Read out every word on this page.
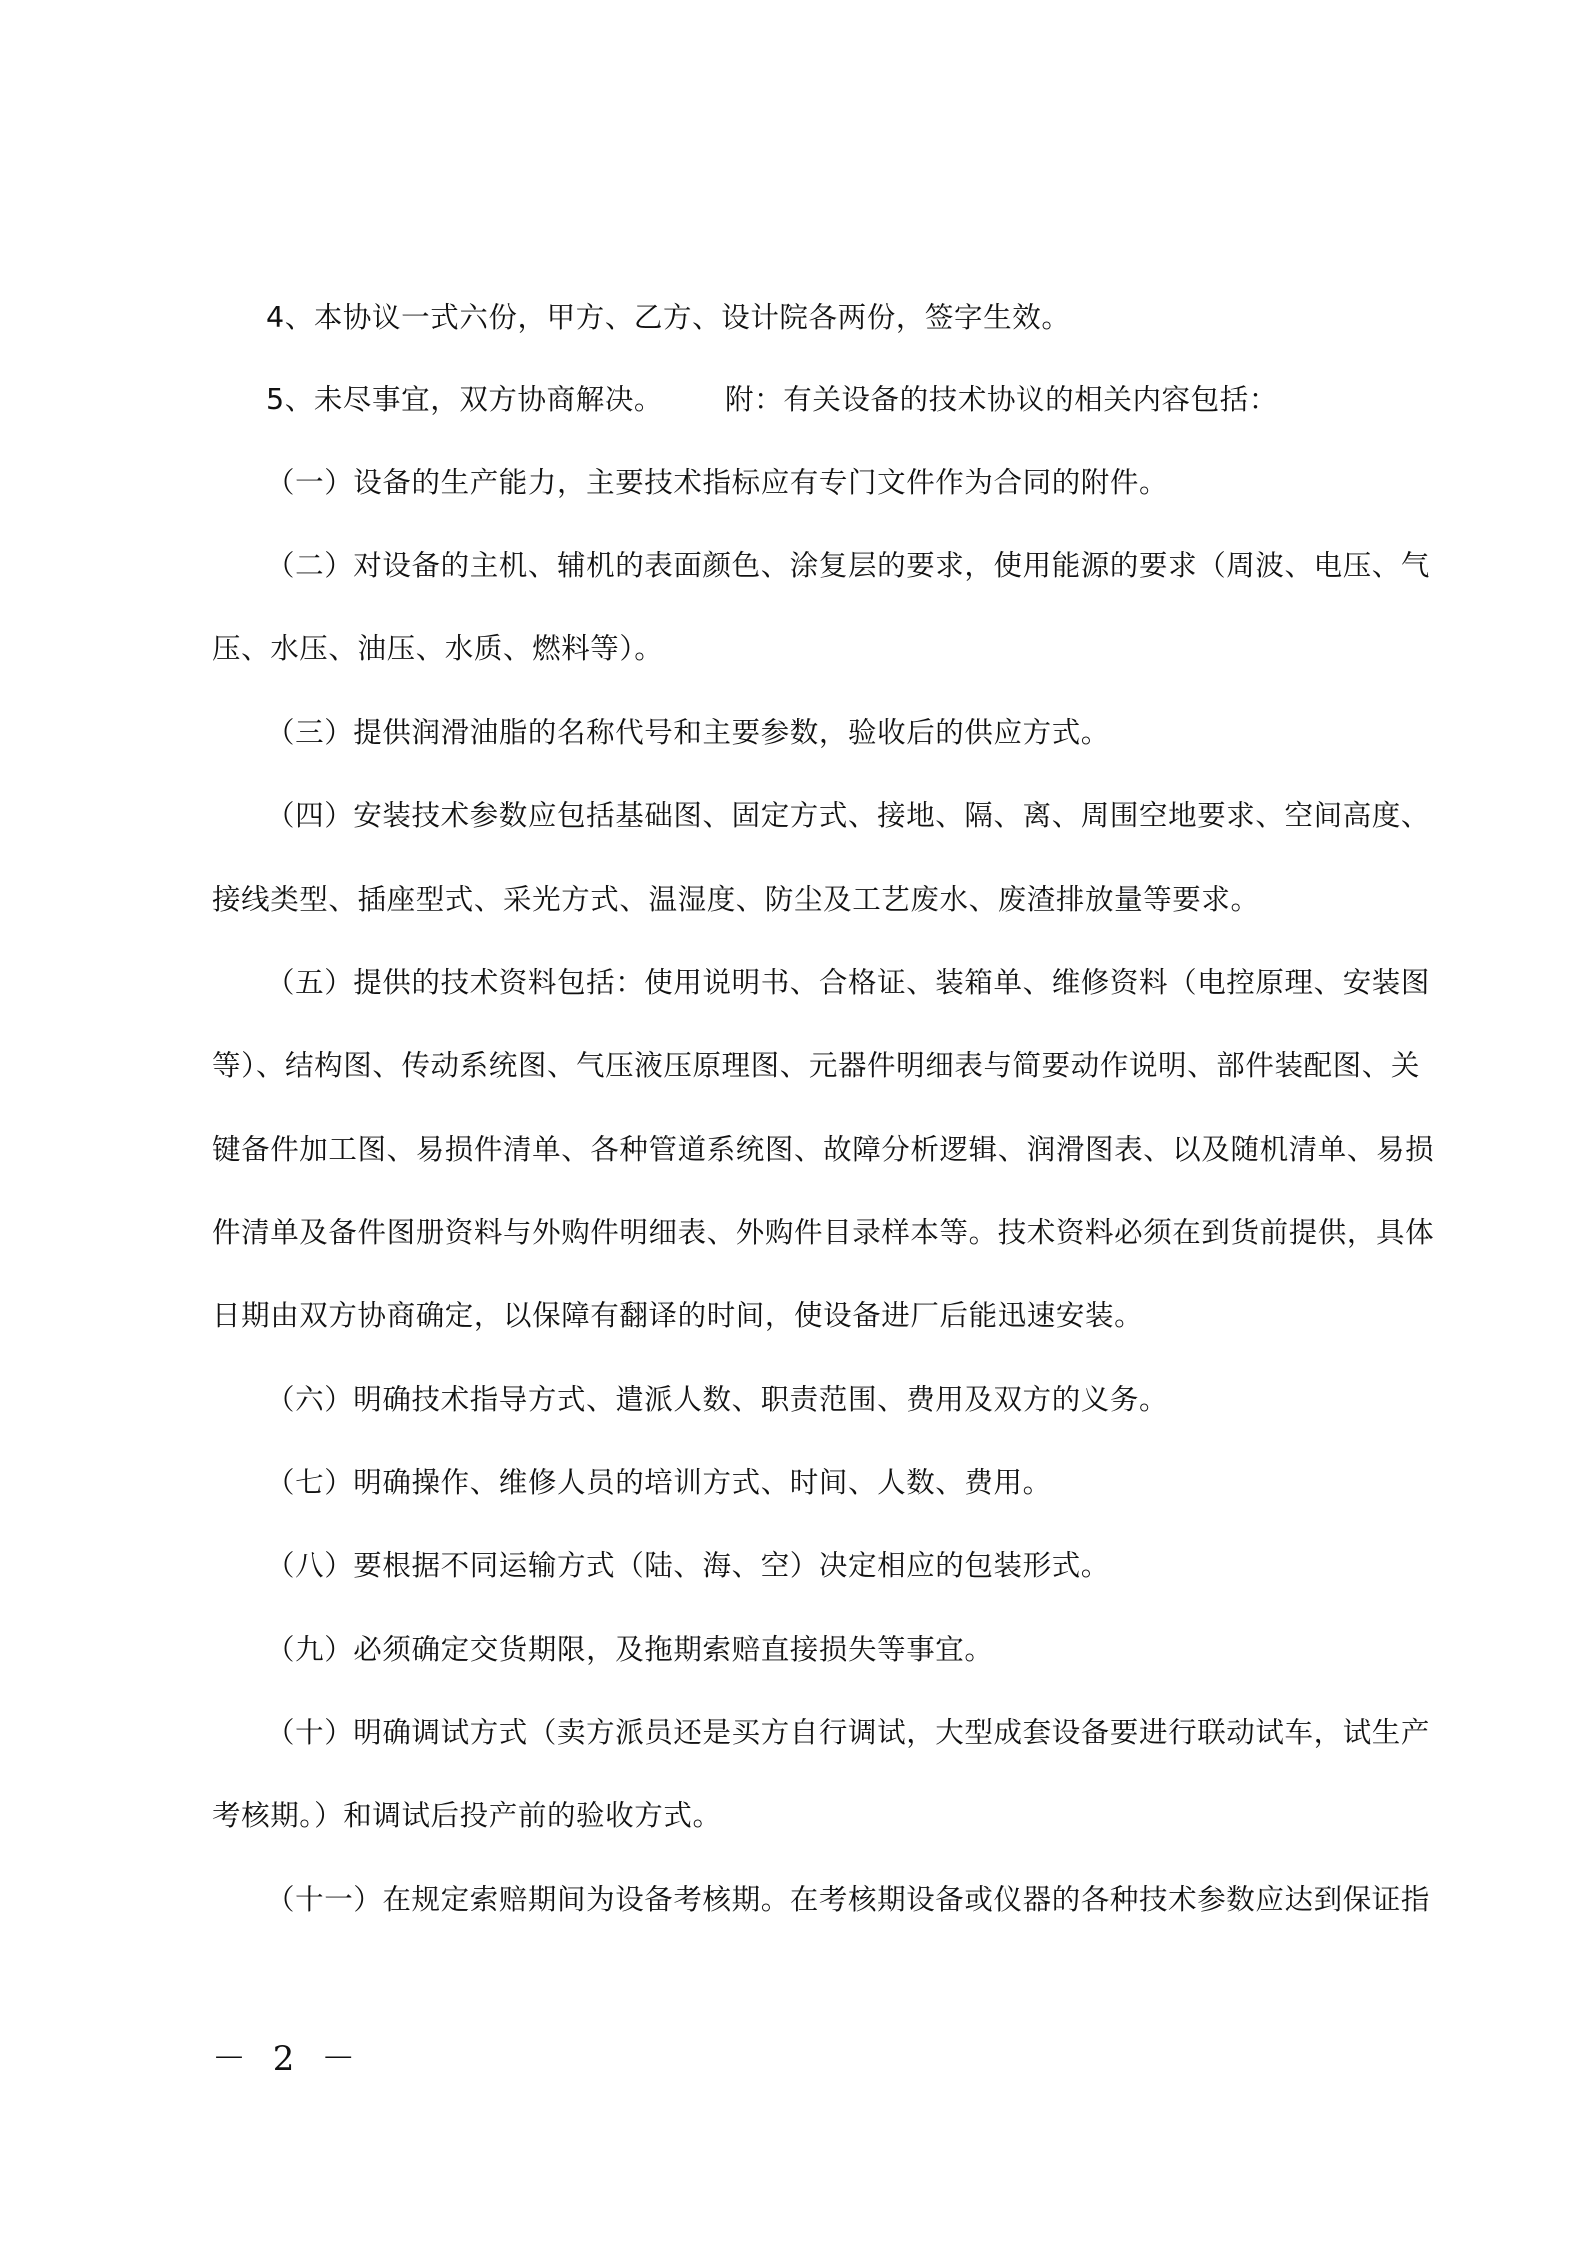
4、本协议一式六份，甲方、乙方、设计院各两份，签字生效。
5、未尽事宜，双方协商解决。 附：有关设备的技术协议的相关内容包括：
（一）设备的生产能力，主要技术指标应有专门文件作为合同的附件。
（二）对设备的主机、辅机的表面颜色、涂复层的要求，使用能源的要求（周波、电压、气
压、水压、油压、水质、燃料等）。
（三）提供润滑油脂的名称代号和主要参数，验收后的供应方式。
（四）安装技术参数应包括基础图、固定方式、接地、隔、离、周围空地要求、空间高度、
接线类型、插座型式、采光方式、温湿度、防尘及工艺废水、废渣排放量等要求。
（五）提供的技术资料包括：使用说明书、合格证、装箱单、维修资料（电控原理、安装图
等）、结构图、传动系统图、气压液压原理图、元器件明细表与简要动作说明、部件装配图、关
键备件加工图、易损件清单、各种管道系统图、故障分析逻辑、润滑图表、以及随机清单、易损
件清单及备件图册资料与外购件明细表、外购件目录样本等。技术资料必须在到货前提供，具体
日期由双方协商确定，以保障有翻译的时间，使设备进厂后能迅速安装。
（六）明确技术指导方式、遣派人数、职责范围、费用及双方的义务。
（七）明确操作、维修人员的培训方式、时间、人数、费用。
（八）要根据不同运输方式（陆、海、空）决定相应的包装形式。
（九）必须确定交货期限，及拖期索赔直接损失等事宜。
（十）明确调试方式（卖方派员还是买方自行调试，大型成套设备要进行联动试车，试生产
考核期。）和调试后投产前的验收方式。
（十一）在规定索赔期间为设备考核期。在考核期设备或仪器的各种技术参数应达到保证指
－ 2 －
